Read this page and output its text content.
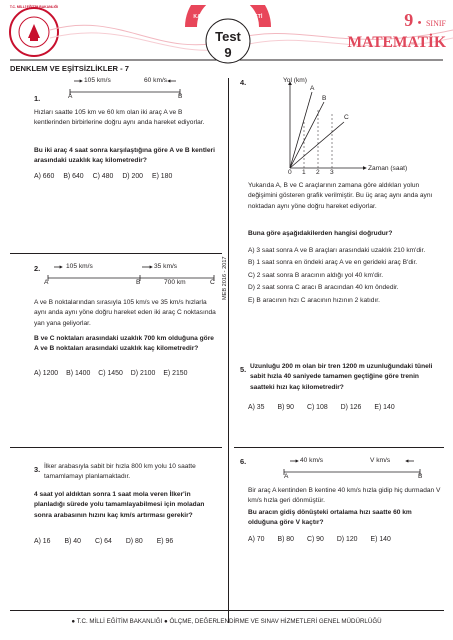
T.C. MİLLİ EĞİTİM BAKANLIĞI
KAZANIM KAVRAMA TESTİ
Test
9
9 • SINIF
MATEMATİK
DENKLEM VE EŞİTSİZLİKLER - 7
MEB 2016 - 2017
1.
105 km/s	60 km/s
A	B
Hızları saatte 105 km ve 60 km olan iki araç A ve B kentlerinden birbirlerine doğru aynı anda hareket ediyorlar.
Bu iki araç 4 saat sonra karşılaştığına göre A ve B kentleri arasındaki uzaklık kaç kilometredir?
A) 660 B) 640 C) 480 D) 200 E) 180
2.	105 km/s	35 km/s
A	B	700 km	C
A ve B noktalarından sırasıyla 105 km/s ve 35 km/s hızlarla aynı anda aynı yöne doğru hareket eden iki araç C noktasında yan yana geliyorlar.
B ve C noktaları arasındaki uzaklık 700 km olduğuna göre A ve B noktaları arasındaki uzaklık kaç kilometredir?
A) 1200 B) 1400 C) 1450 D) 2100 E) 2150
3. İlker arabasıyla sabit bir hızla 800 km yolu 10 saatte tamamlamayı planlamaktadır.
4 saat yol aldıktan sonra 1 saat mola veren İlker'in planladığı sürede yolu tamamlayabilmesi için moladan sonra arabasının hızını kaç km/s artırması gerekir?
A) 16 B) 40 C) 64 D) 80 E) 96
4.	Yol (km)
A
B
C
0 1 2 3
Zaman (saat)
Yukarıda A, B ve C araçlarının zamana göre aldıkları yolun değişimini gösteren grafik verilmiştir. Bu üç araç aynı anda aynı noktadan aynı yöne doğru hareket ediyorlar.
Buna göre aşağıdakilerden hangisi doğrudur?
A) 3 saat sonra A ve B araçları arasındaki uzaklık 210 km'dir.
B) 1 saat sonra en öndeki araç A ve en gerideki araç B'dir.
C) 2 saat sonra B aracının aldığı yol 40 km'dir.
D) 2 saat sonra C aracı B aracından 40 km öndedir.
E) B aracının hızı C aracının hızının 2 katıdır.
5. Uzunluğu 200 m olan bir tren 1200 m uzunluğundaki tüneli sabit hızla 40 saniyede tamamen geçtiğine göre trenin saatteki hızı kaç kilometredir?
A) 35 B) 90 C) 108 D) 126 E) 140
6.	40 km/s	V km/s
A	B
Bir araç A kentinden B kentine 40 km/s hızla gidip hiç durmadan V km/s hızla geri dönmüştür.
Bu aracın gidiş dönüşteki ortalama hızı saatte 60 km olduğuna göre V kaçtır?
A) 70 B) 80 C) 90 D) 120 E) 140
● T.C. MİLLİ EĞİTİM BAKANLIĞI ● ÖLÇME, DEĞERLENDİRME VE SINAV HİZMETLERİ GENEL MÜDÜRLÜĞÜ
